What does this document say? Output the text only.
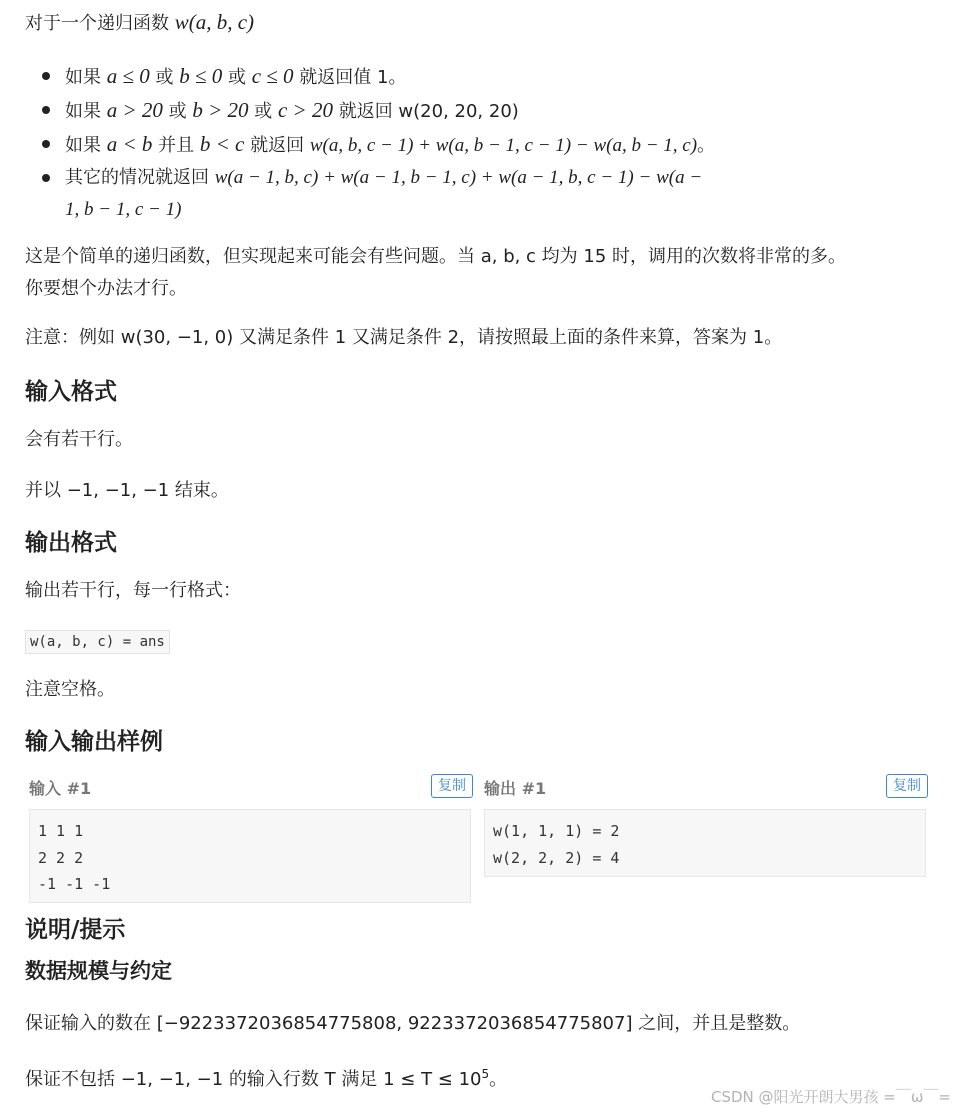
对于一个递归函数 w(a, b, c)

如果 a ≤ 0 或 b ≤ 0 或 c ≤ 0 就返回值 1。
如果 a > 20 或 b > 20 或 c > 20 就返回 w(20, 20, 20)
如果 a < b 并且 b < c 就返回 w(a, b, c − 1) + w(a, b − 1, c − 1) − w(a, b − 1, c)。
其它的情况就返回 w(a − 1, b, c) + w(a − 1, b − 1, c) + w(a − 1, b, c − 1) − w(a −
1, b − 1, c − 1)

这是个简单的递归函数，但实现起来可能会有些问题。当 a, b, c 均为 15 时，调用的次数将非常的多。
你要想个办法才行。

注意：例如 w(30, −1, 0) 又满足条件 1 又满足条件 2，请按照最上面的条件来算，答案为 1。

输入格式

会有若干行。

并以 −1, −1, −1 结束。

输出格式

输出若干行，每一行格式：

w(a, b, c) = ans

注意空格。

输入输出样例
输入 #1	复制
1 1 1
2 2 2
-1 -1 -1
输出 #1	复制
w(1, 1, 1) = 2
w(2, 2, 2) = 4
说明/提示
数据规模与约定

保证输入的数在 [−9223372036854775808, 9223372036854775807] 之间，并且是整数。

保证不包括 −1, −1, −1 的输入行数 T 满足 $1 \le T \le 10^5$。

CSDN @阳光开朗大男孩 =￣ω￣=
